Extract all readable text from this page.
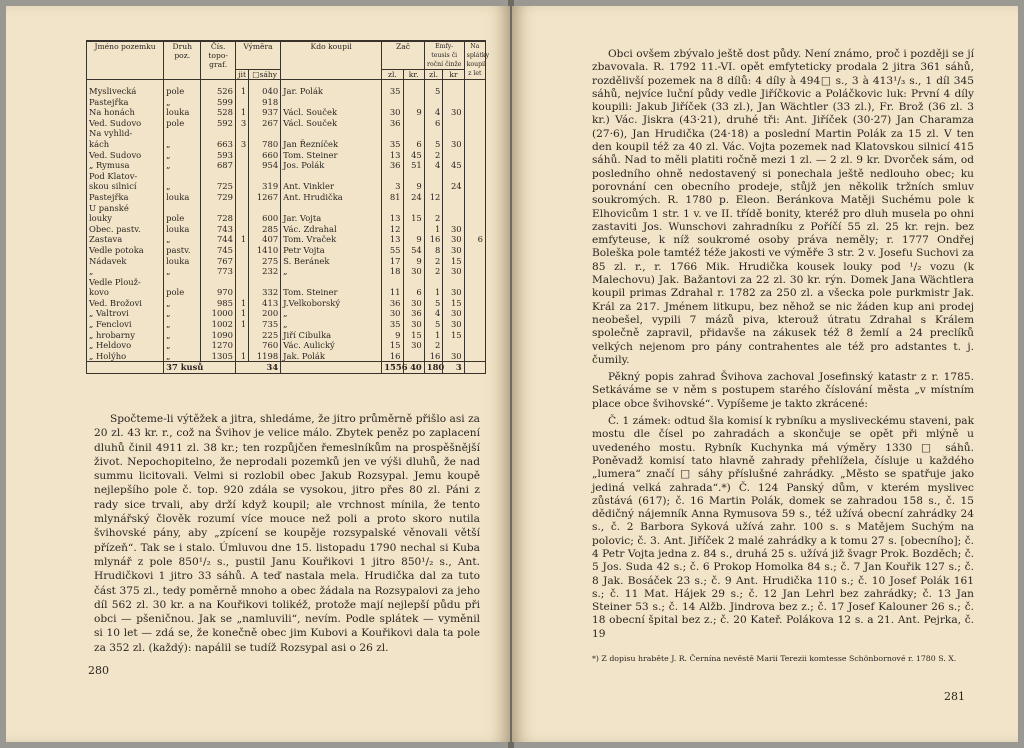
Jméno pozemku	Druh poz.	Čís. topo-graf.	Výměra		Kdo koupil	Zač		Emfy-teusis či roční činže		Na splátky koupil z let
			jit	□sáhy		zl.	kr.	zl.	kr	
Myslivecká	pole	526	1	040	Jar. Polák	35		5		
Pastejřka	„	599		918						
Na honách	louka	528	1	937	Václ. Souček	30	9	4	30	
Ved. Sudovo	pole	592	3	267	Václ. Souček	36		6		
Na vyhlid-										
kách	„	663	3	780	Jan Řezníček	35	6	5	30	
Ved. Sudovo	„	593		660	Tom. Steiner	13	45	2		
„ Rymusa	„	687		954	Jos. Polák	36	51	4	45	
Pod Klatov-										
skou silnicí	„	725		319	Ant. Vinkler	3	9		24	
Pastejřka	louka	729		1267	Ant. Hrudička	81	24	12		
U panské										
louky	pole	728		600	Jar. Vojta	13	15	2		
Obec. pastv.	louka	743		285	Vác. Zdrahal	12		1	30	
Zastava	„	744	1	407	Tom. Vraček	13	9	16	30	6
Vedle potoka	pastv.	745		1410	Petr Vojta	55	54	8	30	
Nádavek	louka	767		275	S. Beránek	17	9	2	15	
„	„	773		232	„	18	30	2	30	
Vedle Plouž-										
kovo	pole	970		332	Tom. Steiner	11	6	1	30	
Ved. Brožovi	„	985	1	413	J.Velkoborský	36	30	5	15	
„ Valtrovi	„	1000	1	200	„	30	36	4	30	
„ Fenclovi	„	1002	1	735	„	35	30	5	30	
„ hrobarny	„	1090		225	Jiří Cibulka	9	15	1	15	
„ Heldovo	„	1270		760	Vác. Aulický	15	30	2		
„ Holýho	„	1305	1	1198	Jak. Polák	16		16	30	
	37 kusů		34			1556	40	180	3	

Spočteme-li výtěžek a jitra, shledáme, že jitro průměrně přišlo asi za 20 zl. 43 kr. r., což na Švihov je velice málo. Zbytek peněz po zaplacení dluhů činil 4911 zl. 38 kr.; ten rozpůjčen řemeslníkům na prospěšnější život. Nepochopitelno, že neprodali pozemků jen ve výši dluhů, že nad summu licitovali. Velmi si rozlobil obec Jakub Rozsypal. Jemu koupě nejlepšího pole č. top. 920 zdála se vysokou, jitro přes 80 zl. Páni z rady sice trvali, aby drží když koupil; ale vrchnost mínila, že tento mlynářský člověk rozumí více mouce než poli a proto skoro nutila švihovské pány, aby „zpícení se koupěje rozsypalské věnovali větší přízeň“. Tak se i stalo. Úmluvou dne 15. listopadu 1790 nechal si Kuba mlynář z pole 850¹/₂ s., pustil Janu Kouřikovi 1 jitro 850¹/₂ s., Ant. Hrudičkovi 1 jitro 33 sáhů. A teď nastala mela. Hrudička dal za tuto část 375 zl., tedy poměrně mnoho a obec žádala na Rozsypalovi za jeho díl 562 zl. 30 kr. a na Kouřikovi tolikéž, protože mají nejlepší půdu při obci — pšeničnou. Jak se „namluvili“, nevím. Podle splátek — vyměnil si 10 let — zdá se, že konečně obec jim Kubovi a Kouřikovi dala ta pole za 352 zl. (každý): napálil se tudíž Rozsypal asi o 26 zl.

280

Obci ovšem zbývalo ještě dost půdy. Není známo, proč i později se jí zbavovala. R. 1792 11.-VI. opět emfyteticky prodala 2 jitra 361 sáhů, rozdělivší pozemek na 8 dílů: 4 díly à 494□ s., 3 à 413¹/₃ s., 1 díl 345 sáhů, nejvíce luční půdy vedle Jiříčkovic a Poláčkovic luk: První 4 díly koupili: Jakub Jiříček (33 zl.), Jan Wächtler (33 zl.), Fr. Brož (36 zl. 3 kr.) Vác. Jiskra (43·21), druhé tři: Ant. Jiříček (30·27) Jan Charamza (27·6), Jan Hrudička (24·18) a poslední Martin Polák za 15 zl. V ten den koupil též za 40 zl. Vác. Vojta pozemek nad Klatovskou silnicí 415 sáhů. Nad to měli platiti ročně mezi 1 zl. — 2 zl. 9 kr. Dvorček sám, od posledního ohně nedostavený si ponechala ještě nedlouho obec; ku porovnání cen obecního prodeje, stůjž jen několik tržních smluv soukromých. R. 1780 p. Eleon. Beránkova Matěji Suchému pole k Elhovicům 1 str. 1 v. ve II. třídě bonity, kteréž pro dluh musela po ohni zastaviti Jos. Wunschovi zahradníku z Poříčí 55 zl. 25 kr. rejn. bez emfyteuse, k níž soukromé osoby práva neměly; r. 1777 Ondřej Boleška pole tamtéž téže jakosti ve výměře 3 str. 2 v. Josefu Suchovi za 85 zl. r., r. 1766 Mik. Hrudička kousek louky pod ¹/₂ vozu (k Malechovu) Jak. Bažantovi za 22 zl. 30 kr. rýn. Domek Jana Wächtlera koupil primas Zdrahal r. 1782 za 250 zl. a všecka pole purkmistr Jak. Král za 217. Jménem litkupu, bez něhož se nic žáden kup ani prodej neobešel, vypili 7 mázů piva, kterouž útratu Zdrahal s Králem společně zapravil, přidavše na zákusek též 8 žemlí a 24 preclíků velkých nejenom pro pány contrahentes ale též pro adstantes t. j. čumily.

Pěkný popis zahrad Švihova zachoval Josefinský katastr z r. 1785. Setkáváme se v něm s postupem starého číslování města „v místním place obce švihovské“. Vypíšeme je takto zkrácené:

Č. 1 zámek: odtud šla komisí k rybníku a mysliveckému staveni, pak mostu dle čísel po zahradách a skončuje se opět při mlýně u uvedeného mostu. Rybník Kuchynka má výměry 1330 □ sáhů. Poněvadž komisí tato hlavně zahrady přehlížela, čísluje u každého „lumera“ značí □ sáhy příslušné zahrádky. „Město se spatřuje jako jediná velká zahrada“.*) Č. 124 Panský dům, v kterém myslivec zůstává (617); č. 16 Martin Polák, domek se zahradou 158 s., č. 15 dědičný nájemník Anna Rymusova 59 s., též užívá obecní zahrádky 24 s., č. 2 Barbora Syková užívá zahr. 100 s. s Matějem Suchým na polovic; č. 3. Ant. Jiříček 2 malé zahrádky a k tomu 27 s. [obecního]; č. 4 Petr Vojta jedna z. 84 s., druhá 25 s. užívá již švagr Prok. Bozděch; č. 5 Jos. Suda 42 s.; č. 6 Prokop Homolka 84 s.; č. 7 Jan Kouřik 127 s.; č. 8 Jak. Bosáček 23 s.; č. 9 Ant. Hrudička 110 s.; č. 10 Josef Polák 161 s.; č. 11 Mat. Hájek 29 s.; č. 12 Jan Lehrl bez zahrádky; č. 13 Jan Steiner 53 s.; č. 14 Alžb. Jindrova bez z.; č. 17 Josef Kalouner 26 s.; č. 18 obecní špital bez z.; č. 20 Kateř. Polákova 12 s. a 21. Ant. Pejrka, č. 19

*) Z dopisu hraběte J. R. Černína nevěstě Marii Terezii komtesse Schönbornové r. 1780 S. X.

281
